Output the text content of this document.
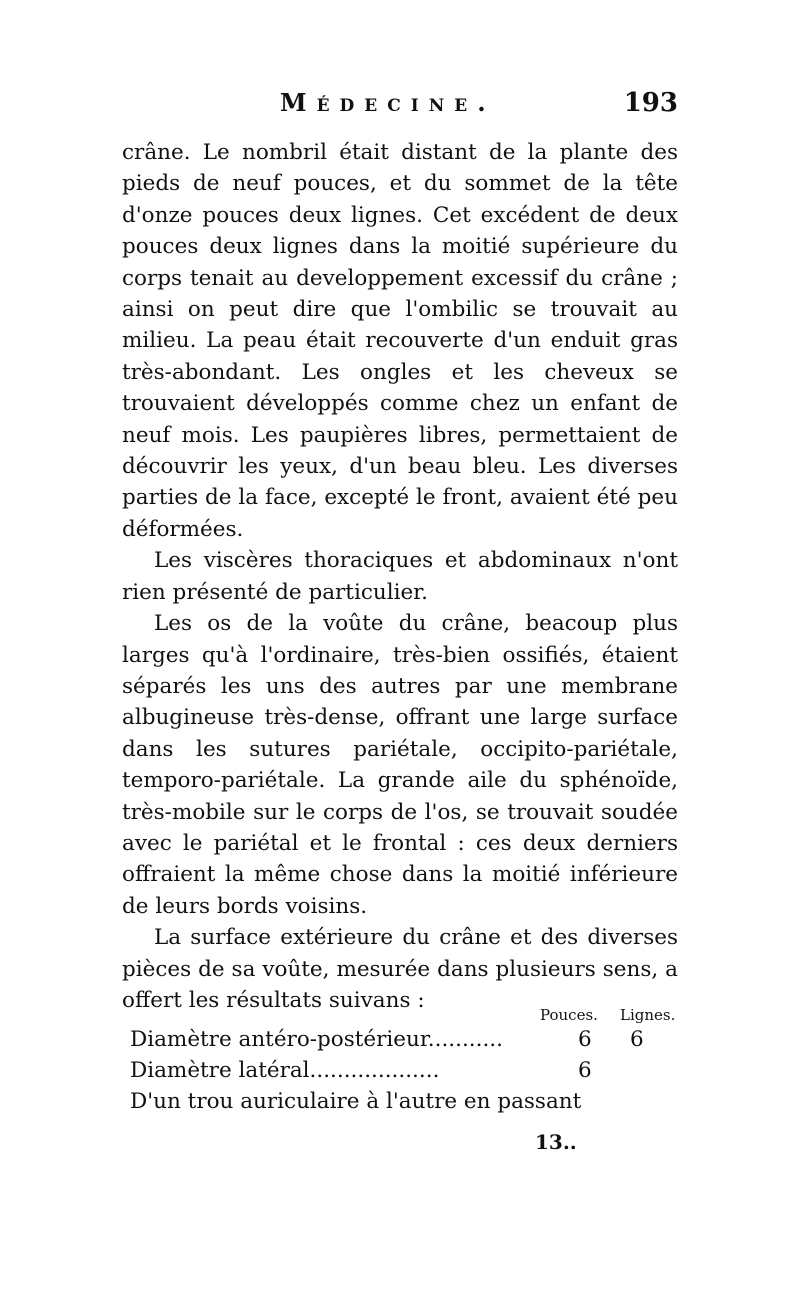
Médecine.	193

crâne. Le nombril était distant de la plante des pieds de neuf pouces, et du sommet de la tête d'onze pouces deux lignes. Cet excédent de deux pouces deux lignes dans la moitié supérieure du corps tenait au developpement excessif du crâne ; ainsi on peut dire que l'ombilic se trouvait au milieu. La peau était recouverte d'un enduit gras très-abondant. Les ongles et les cheveux se trouvaient développés comme chez un enfant de neuf mois. Les paupières libres, permettaient de découvrir les yeux, d'un beau bleu. Les diverses parties de la face, excepté le front, avaient été peu déformées.

Les viscères thoraciques et abdominaux n'ont rien présenté de particulier.

Les os de la voûte du crâne, beacoup plus larges qu'à l'ordinaire, très-bien ossifiés, étaient séparés les uns des autres par une membrane albugineuse très-dense, offrant une large surface dans les sutures pariétale, occipito-pariétale, temporo-pariétale. La grande aile du sphénoïde, très-mobile sur le corps de l'os, se trouvait soudée avec le pariétal et le frontal : ces deux derniers offraient la même chose dans la moitié inférieure de leurs bords voisins.

La surface extérieure du crâne et des diverses pièces de sa voûte, mesurée dans plusieurs sens, a offert les résultats suivans :

Pouces. Lignes.
Diamètre antéro-postérieur...........	6 6
Diamètre latéral...................	6
D'un trou auriculaire à l'autre en passant
13..
